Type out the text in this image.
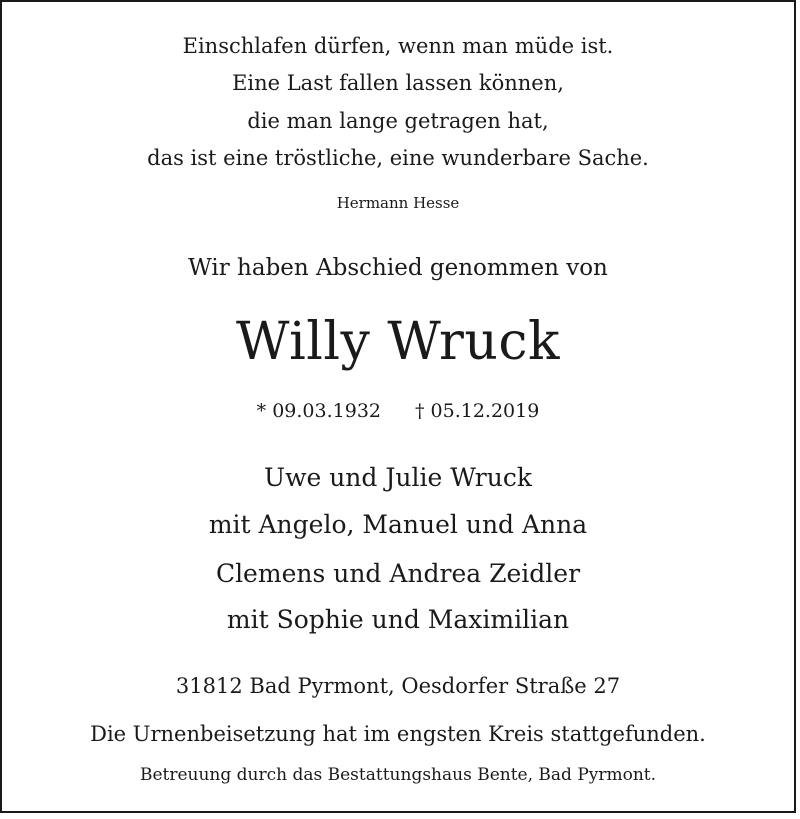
Einschlafen dürfen, wenn man müde ist.
Eine Last fallen lassen können,
die man lange getragen hat,
das ist eine tröstliche, eine wunderbare Sache.
Hermann Hesse
Wir haben Abschied genommen von
Willy Wruck
* 09.03.1932 † 05.12.2019
Uwe und Julie Wruck
mit Angelo, Manuel und Anna
Clemens und Andrea Zeidler
mit Sophie und Maximilian
31812 Bad Pyrmont, Oesdorfer Straße 27
Die Urnenbeisetzung hat im engsten Kreis stattgefunden.
Betreuung durch das Bestattungshaus Bente, Bad Pyrmont.
